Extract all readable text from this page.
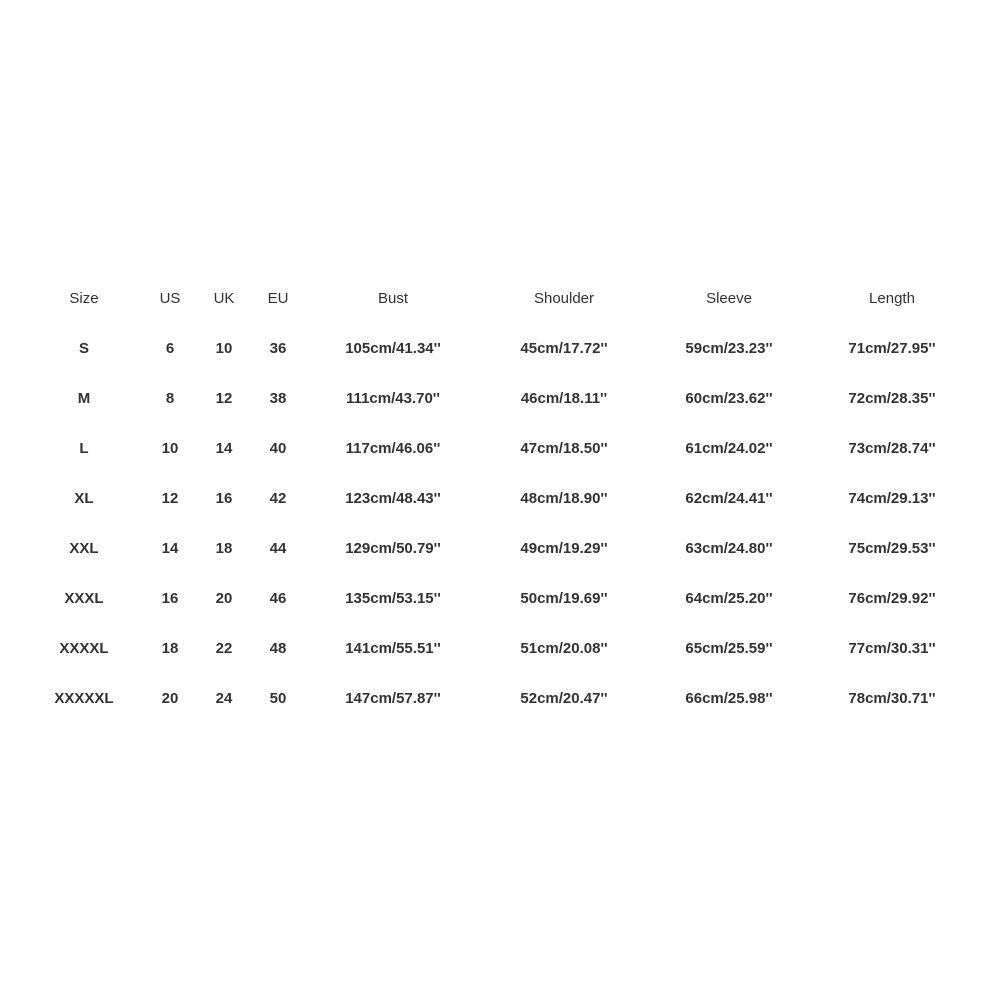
Size	US	UK	EU	Bust	Shoulder	Sleeve	Length
S	6	10	36	105cm/41.34''	45cm/17.72''	59cm/23.23''	71cm/27.95''
M	8	12	38	111cm/43.70''	46cm/18.11''	60cm/23.62''	72cm/28.35''
L	10	14	40	117cm/46.06''	47cm/18.50''	61cm/24.02''	73cm/28.74''
XL	12	16	42	123cm/48.43''	48cm/18.90''	62cm/24.41''	74cm/29.13''
XXL	14	18	44	129cm/50.79''	49cm/19.29''	63cm/24.80''	75cm/29.53''
XXXL	16	20	46	135cm/53.15''	50cm/19.69''	64cm/25.20''	76cm/29.92''
XXXXL	18	22	48	141cm/55.51''	51cm/20.08''	65cm/25.59''	77cm/30.31''
XXXXXL	20	24	50	147cm/57.87''	52cm/20.47''	66cm/25.98''	78cm/30.71''
